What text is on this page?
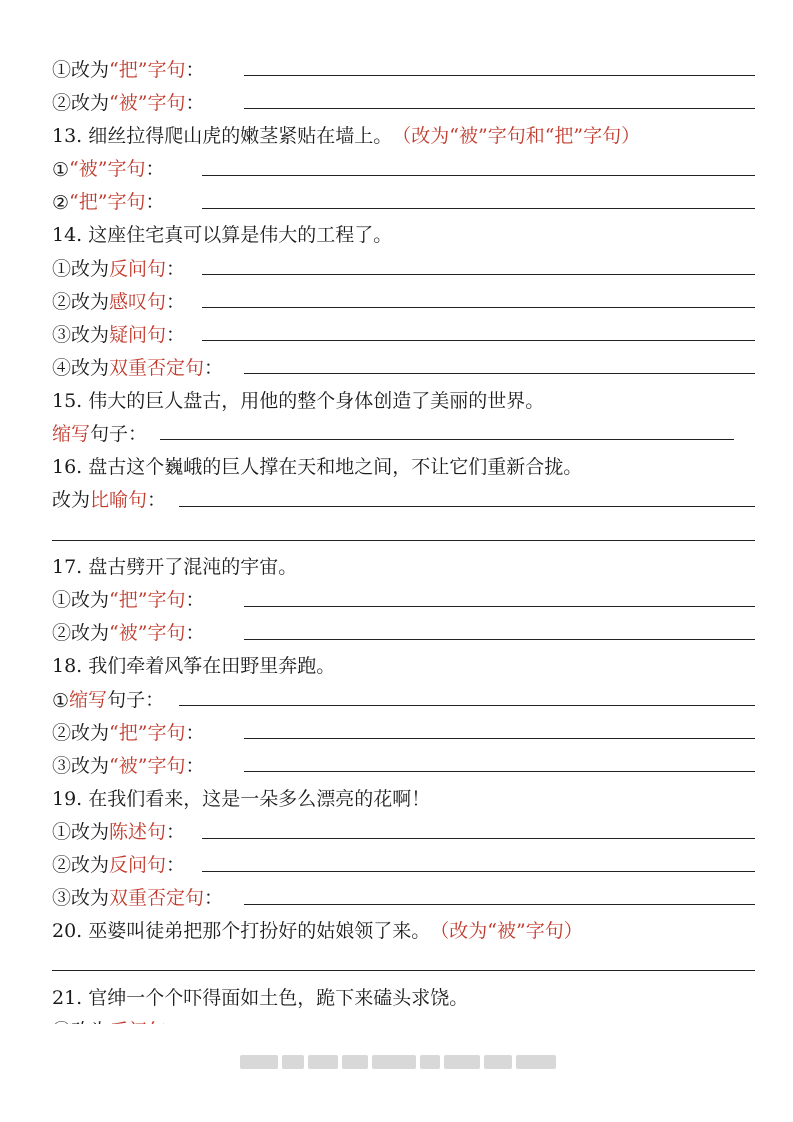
①改为 “把”字句 ：
②改为 “被”字句 ：
13. 细丝拉得爬山虎的嫩茎紧贴在墙上。 （改为“被”字句和“把”字句）
① “被”字句 ：
② “把”字句 ：
14. 这座住宅真可以算是伟大的工程了。
①改为 反问句 ：
②改为 感叹句 ：
③改为 疑问句 ：
④改为 双重否定句 ：
15. 伟大的巨人盘古，用他的整个身体创造了美丽的世界。
缩写 句子：
16. 盘古这个巍峨的巨人撑在天和地之间，不让它们重新合拢。
改为 比喻句 ：
17. 盘古劈开了混沌的宇宙。
①改为 “把”字句 ：
②改为 “被”字句 ：
18. 我们牵着风筝在田野里奔跑。
① 缩写 句子：
②改为 “把”字句 ：
③改为 “被”字句 ：
19. 在我们看来，这是一朵多么漂亮的花啊！
①改为 陈述句 ：
②改为 反问句 ：
③改为 双重否定句 ：
20. 巫婆叫徒弟把那个打扮好的姑娘领了来。 （改为“被”字句）
21. 官绅一个个吓得面如土色，跪下来磕头求饶。
